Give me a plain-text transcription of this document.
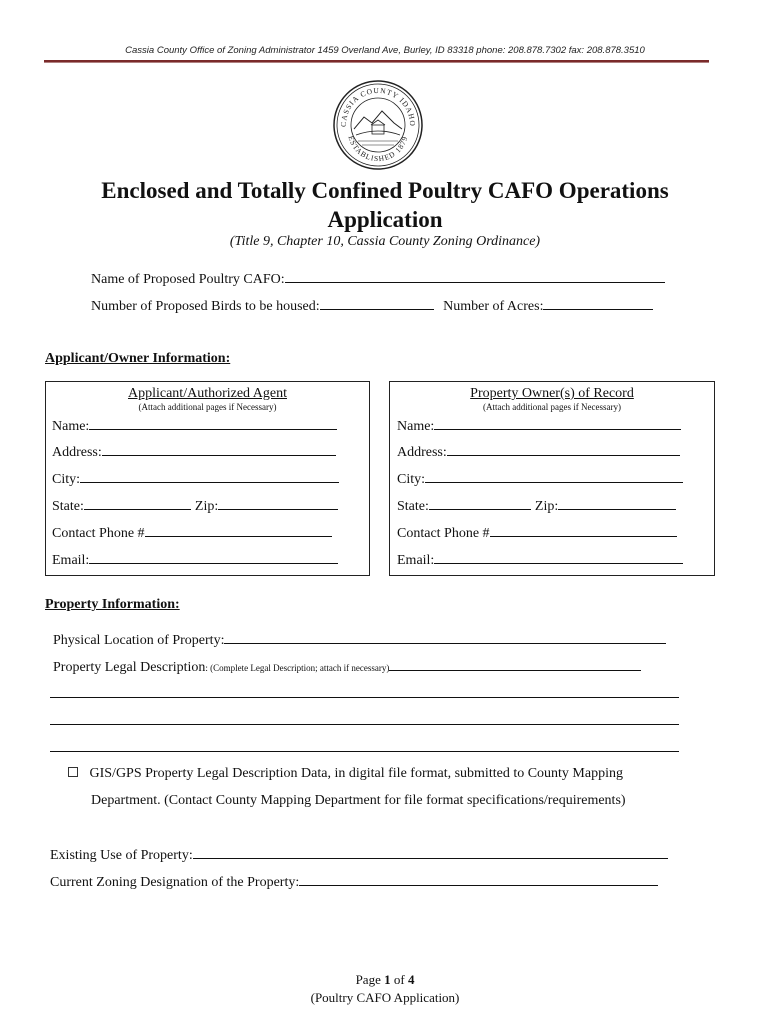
Cassia County Office of Zoning Administrator 1459 Overland Ave, Burley, ID 83318 phone: 208.878.7302 fax: 208.878.3510
CASSIA COUNTY IDAHO
ESTABLISHED 1879
Enclosed and Totally Confined Poultry CAFO Operations
Application
(Title 9, Chapter 10, Cassia County Zoning Ordinance)
Name of Proposed Poultry CAFO:
Number of Proposed Birds to be housed:	Number of Acres:
Applicant/Owner Information:
Applicant/Authorized Agent
(Attach additional pages if Necessary)
Name:
Address:
City:
State:	Zip:
Contact Phone #
Email:
Property Owner(s) of Record
(Attach additional pages if Necessary)
Name:
Address:
City:
State:	Zip:
Contact Phone #
Email:
Property Information:
Physical Location of Property:
Property Legal Description: (Complete Legal Description; attach if necessary)
GIS/GPS Property Legal Description Data, in digital file format, submitted to County Mapping
Department. (Contact County Mapping Department for file format specifications/requirements)
Existing Use of Property:
Current Zoning Designation of the Property:
Page 1 of 4
(Poultry CAFO Application)
